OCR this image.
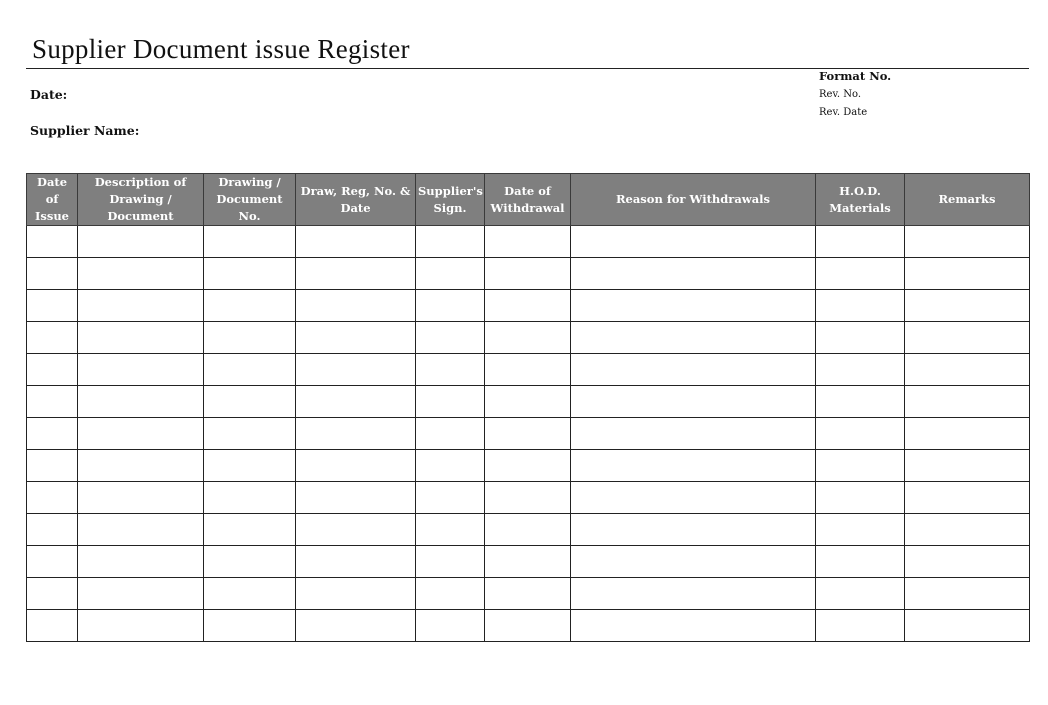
Supplier Document issue Register
Date:
Supplier Name:
Format No.
Rev. No.
Rev. Date
Date of Issue	Description of Drawing / Document	Drawing / Document No.	Draw, Reg, No. & Date	Supplier's Sign.	Date of Withdrawal	Reason for Withdrawals	H.O.D. Materials	Remarks
